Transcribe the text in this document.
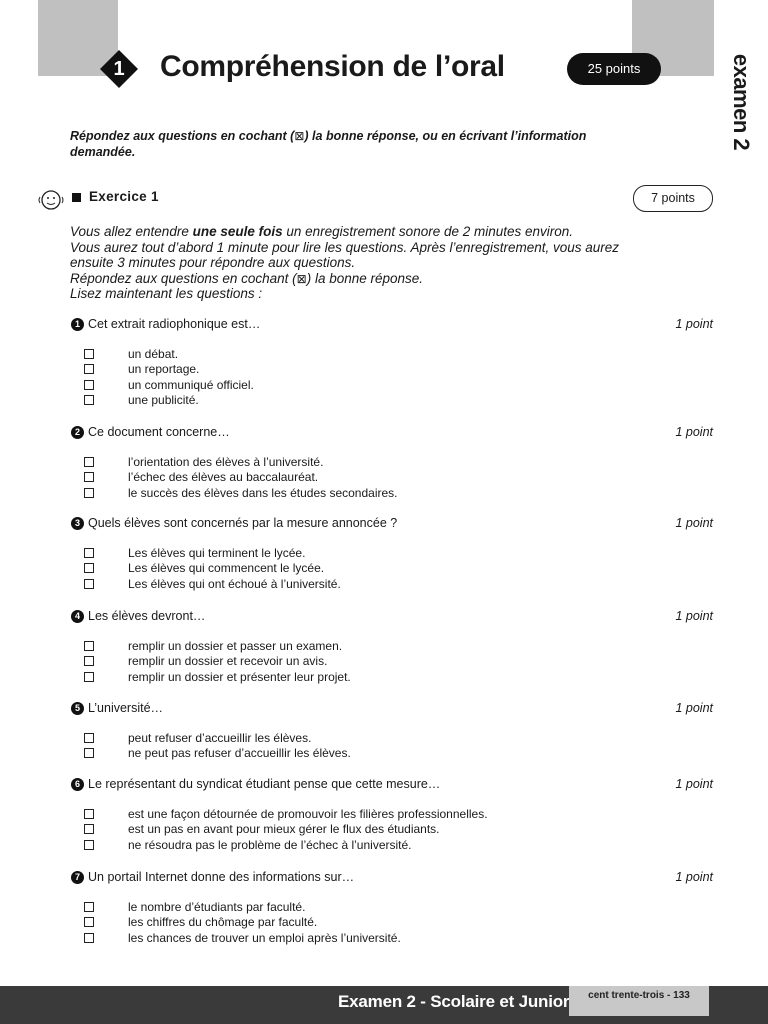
1	Compréhension de l’oral	25 points	examen 2
Répondez aux questions en cochant (⊠) la bonne réponse, ou en écrivant l’information demandée.
Exercice 1	7 points
Vous allez entendre une seule fois un enregistrement sonore de 2 minutes environ.
Vous aurez tout d’abord 1 minute pour lire les questions. Après l’enregistrement, vous aurez ensuite 3 minutes pour répondre aux questions.
Répondez aux questions en cochant (⊠) la bonne réponse.
Lisez maintenant les questions :
1 Cet extrait radiophonique est…	1 point
un débat.
un reportage.
un communiqué officiel.
une publicité.
2 Ce document concerne…	1 point
l’orientation des élèves à l’université.
l’échec des élèves au baccalauréat.
le succès des élèves dans les études secondaires.
3 Quels élèves sont concernés par la mesure annoncée ?	1 point
Les élèves qui terminent le lycée.
Les élèves qui commencent le lycée.
Les élèves qui ont échoué à l’université.
4 Les élèves devront…	1 point
remplir un dossier et passer un examen.
remplir un dossier et recevoir un avis.
remplir un dossier et présenter leur projet.
5 L’université…	1 point
peut refuser d’accueillir les élèves.
ne peut pas refuser d’accueillir les élèves.
6 Le représentant du syndicat étudiant pense que cette mesure…	1 point
est une façon détournée de promouvoir les filières professionnelles.
est un pas en avant pour mieux gérer le flux des étudiants.
ne résoudra pas le problème de l’échec à l’université.
7 Un portail Internet donne des informations sur…	1 point
le nombre d’étudiants par faculté.
les chiffres du chômage par faculté.
les chances de trouver un emploi après l’université.
Examen 2 - Scolaire et Junior	cent trente-trois - 133
